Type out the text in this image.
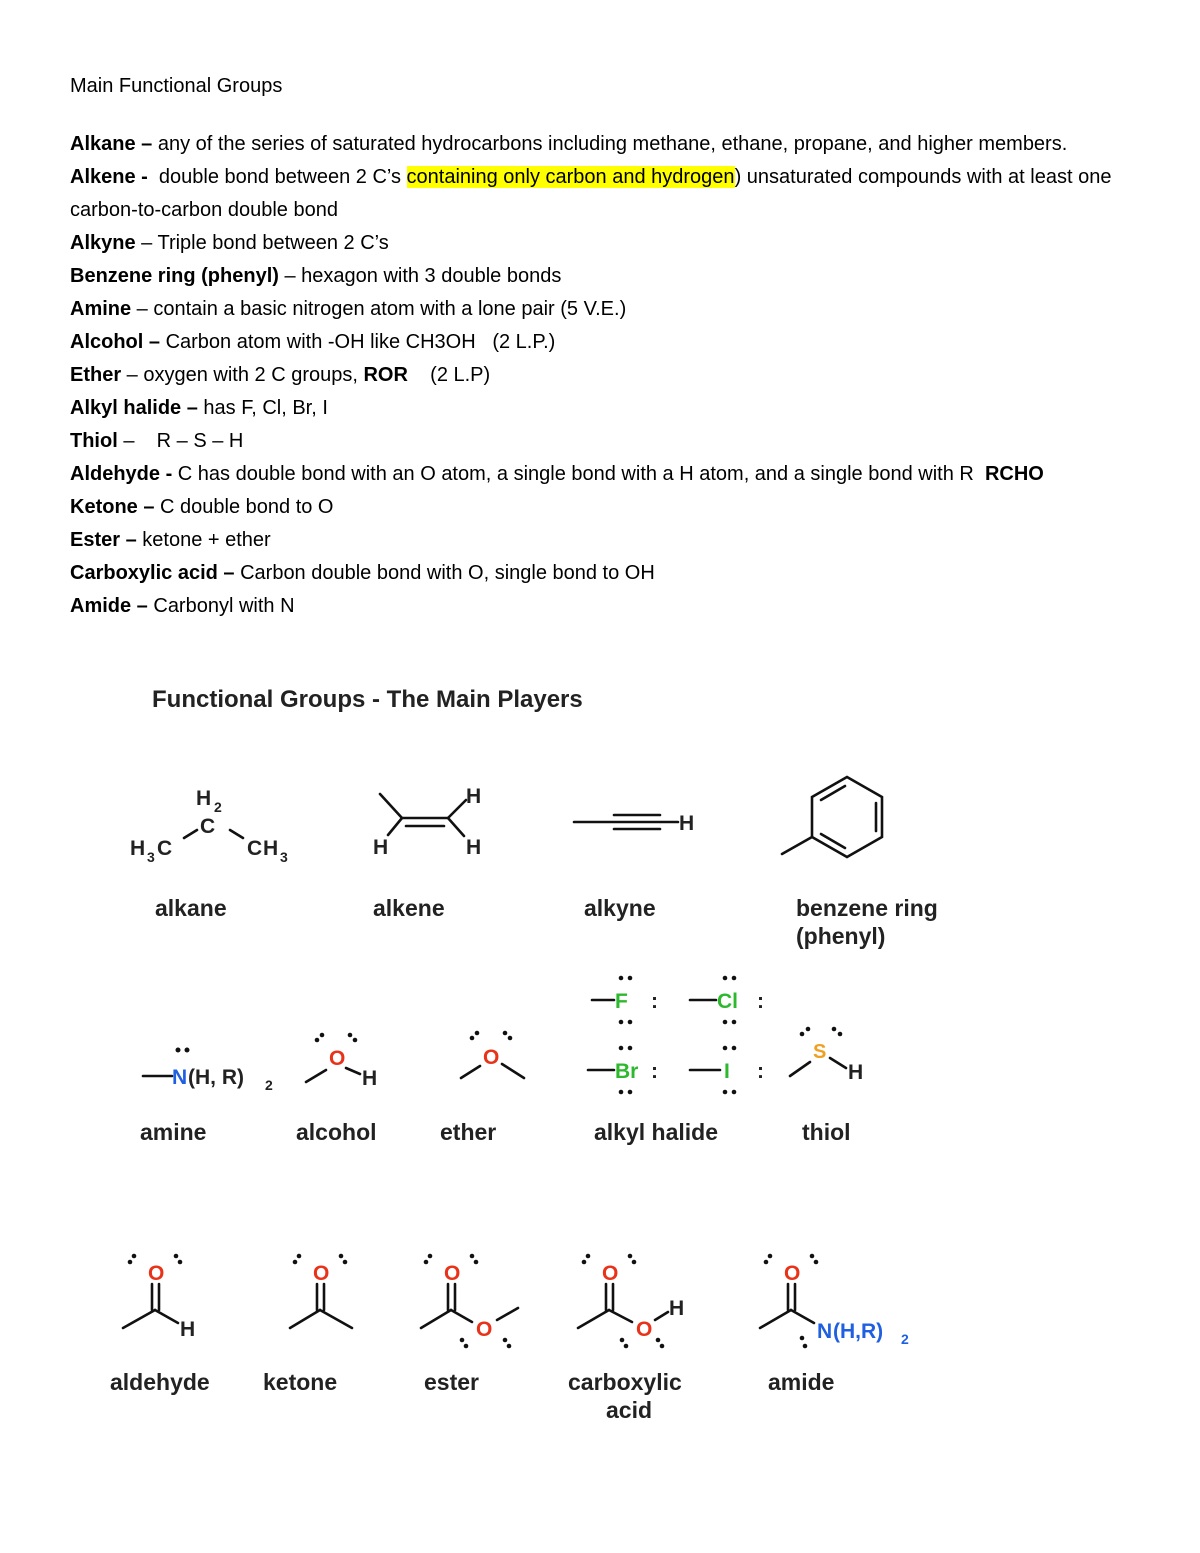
Main Functional Groups

Alkane – any of the series of saturated hydrocarbons including methane, ethane, propane, and higher members.

Alkene -  double bond between 2 C’s containing only carbon and hydrogen) unsaturated compounds with at least one carbon-to-carbon double bond

Alkyne – Triple bond between 2 C’s

Benzene ring (phenyl) – hexagon with 3 double bonds

Amine – contain a basic nitrogen atom with a lone pair (5 V.E.)

Alcohol – Carbon atom with -OH like CH3OH   (2 L.P.)

Ether – oxygen with 2 C groups, ROR    (2 L.P)

Alkyl halide – has F, Cl, Br, I

Thiol –    R – S – H

Aldehyde - C has double bond with an O atom, a single bond with a H atom, and a single bond with R  RCHO

Ketone – C double bond to O

Ester – ketone + ether

Carboxylic acid – Carbon double bond with O, single bond to OH

Amide – Carbonyl with N

Functional Groups - The Main Players
H 2
C
H 3 C	C H 3
alkane
H
H
H
alkene
H
alkyne	benzene ring
(phenyl)
N (H, R) 2
amine
O
H
alcohol
O
ether
F :	Cl :
Br :	I :
alkyl halide
S
H
thiol
O
H
aldehyde
O
ketone
O
O
ester
O
O
H
carboxylic
acid
O
N (H,R) 2
amide
